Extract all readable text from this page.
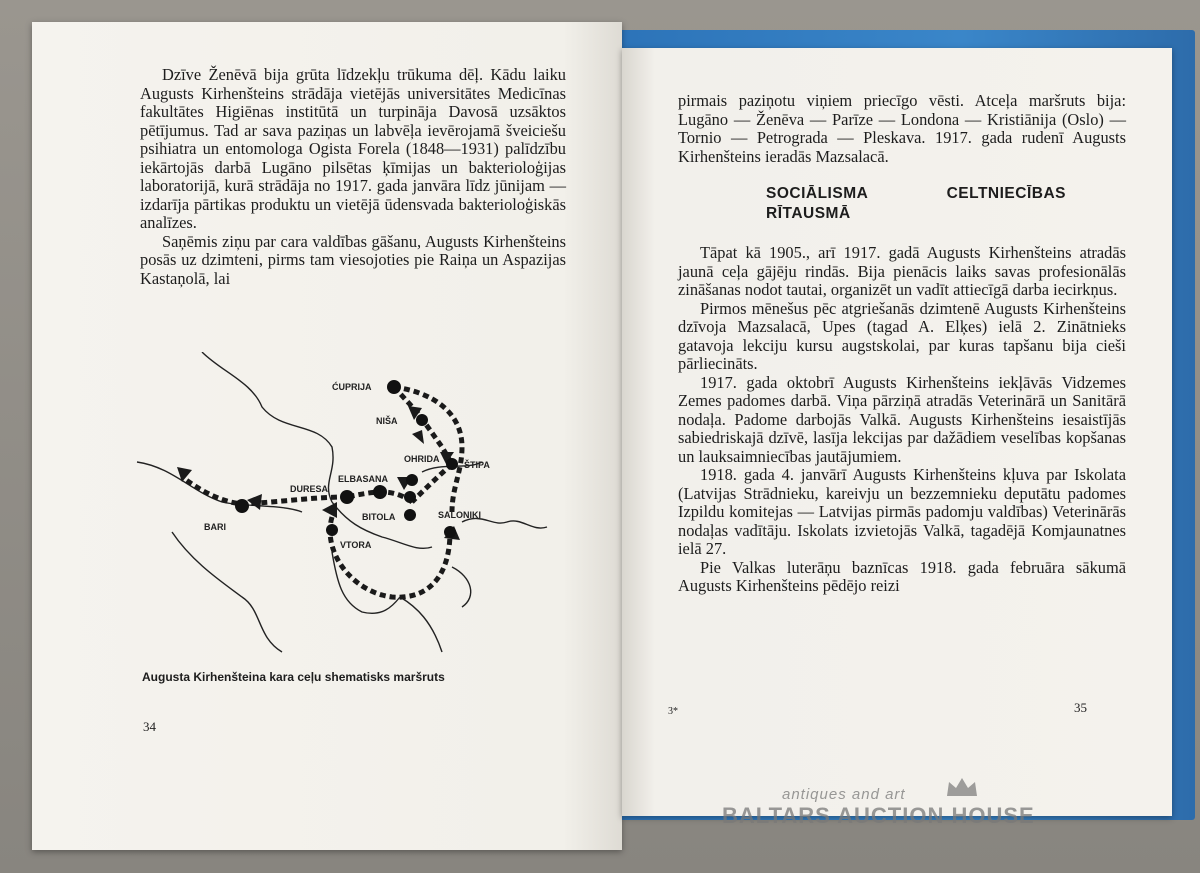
Dzīve Ženēvā bija grūta līdzekļu trūkuma dēļ. Kādu laiku Augusts Kirhenšteins strādāja vietējās universitātes Medicīnas fakultātes Higiēnas institūtā un turpināja Davosā uzsāktos pētījumus. Tad ar sava paziņas un labvēļa ievērojamā šveiciešu psihiatra un entomologa Ogista Forela (1848—1931) palīdzību iekārtojās darbā Lugāno pilsētas ķīmijas un bakterioloģijas laboratorijā, kurā strādāja no 1917. gada janvāra līdz jūnijam — izdarīja pārtikas produktu un vietējā ūdensvada bakterioloģiskās analīzes.

Saņēmis ziņu par cara valdības gāšanu, Augusts Kirhenšteins posās uz dzimteni, pirms tam viesojoties pie Raiņa un Aspazijas Kastaņolā, lai

ĆUPRIJA
NIŠA
OHRIDA
ŠTIPA
ELBASANA
DURESA
BITOLA	SALONIKI
BARI
VTORA
Augusta Kirhenšteina kara ceļu shematisks maršruts
34

pirmais paziņotu viņiem priecīgo vēsti. Atceļa maršruts bija: Lugāno — Ženēva — Parīze — Londona — Kristiānija (Oslo) — Tornio — Petrograda — Pleskava. 1917. gada rudenī Augusts Kirhenšteins ieradās Mazsalacā.

SOCIĀLISMA CELTNIECĪBAS RĪTAUSMĀ

Tāpat kā 1905., arī 1917. gadā Augusts Kirhenšteins atradās jaunā ceļa gājēju rindās. Bija pienācis laiks savas profesionālās zināšanas nodot tautai, organizēt un vadīt attiecīgā darba iecirkņus.

Pirmos mēnešus pēc atgriešanās dzimtenē Augusts Kirhenšteins dzīvoja Mazsalacā, Upes (tagad A. Elķes) ielā 2. Zinātnieks gatavoja lekciju kursu augstskolai, par kuras tapšanu bija cieši pārliecināts.

1917. gada oktobrī Augusts Kirhenšteins iekļāvās Vidzemes Zemes padomes darbā. Viņa pārziņā atradās Veterinārā un Sanitārā nodaļa. Padome darbojās Valkā. Augusts Kirhenšteins iesaistījās sabiedriskajā dzīvē, lasīja lekcijas par dažādiem veselības kopšanas un lauksaimniecības jautājumiem.

1918. gada 4. janvārī Augusts Kirhenšteins kļuva par Iskolata (Latvijas Strādnieku, kareivju un bezzemnieku deputātu padomes Izpildu komitejas — Latvijas pirmās padomju valdības) Veterinārās nodaļas vadītāju. Iskolats izvietojās Valkā, tagadējā Komjaunatnes ielā 27.

Pie Valkas luterāņu baznīcas 1918. gada februāra sākumā Augusts Kirhenšteins pēdējo reizi

3*	35
antiques and art
BALTARS AUCTION HOUSE
